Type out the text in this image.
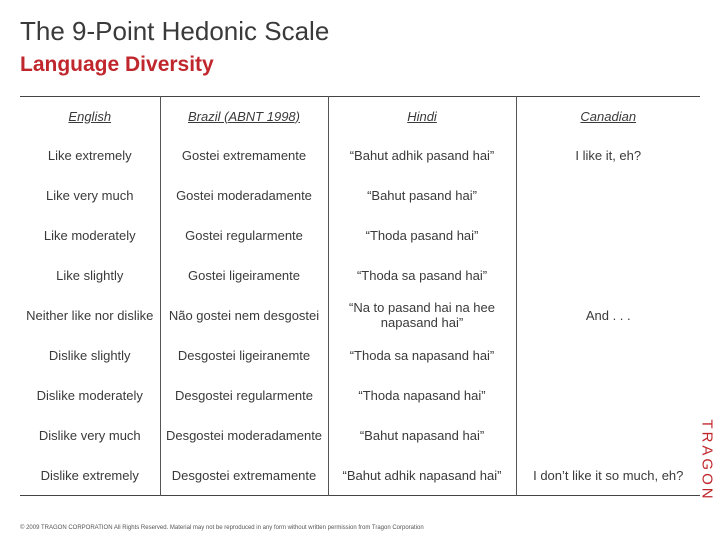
The 9-Point Hedonic Scale
Language Diversity
English	Brazil (ABNT 1998)	Hindi	Canadian
Like extremely	Gostei extremamente	“Bahut adhik pasand hai”	I like it, eh?
Like very much	Gostei moderadamente	“Bahut pasand hai”	
Like moderately	Gostei regularmente	“Thoda pasand hai”	
Like slightly	Gostei ligeiramente	“Thoda sa pasand hai”	
Neither like nor dislike	Não gostei nem desgostei	“Na to pasand hai na hee napasand hai”	And . . .
Dislike slightly	Desgostei ligeiranemte	“Thoda sa napasand hai”	
Dislike moderately	Desgostei regularmente	“Thoda napasand hai”	
Dislike very much	Desgostei moderadamente	“Bahut napasand hai”	
Dislike extremely	Desgostei extremamente	“Bahut adhik napasand hai”	I don’t like it so much, eh? TRAGON
© 2009 TRAGON CORPORATION All Rights Reserved. Material may not be reproduced in any form without written permission from Tragon Corporation
